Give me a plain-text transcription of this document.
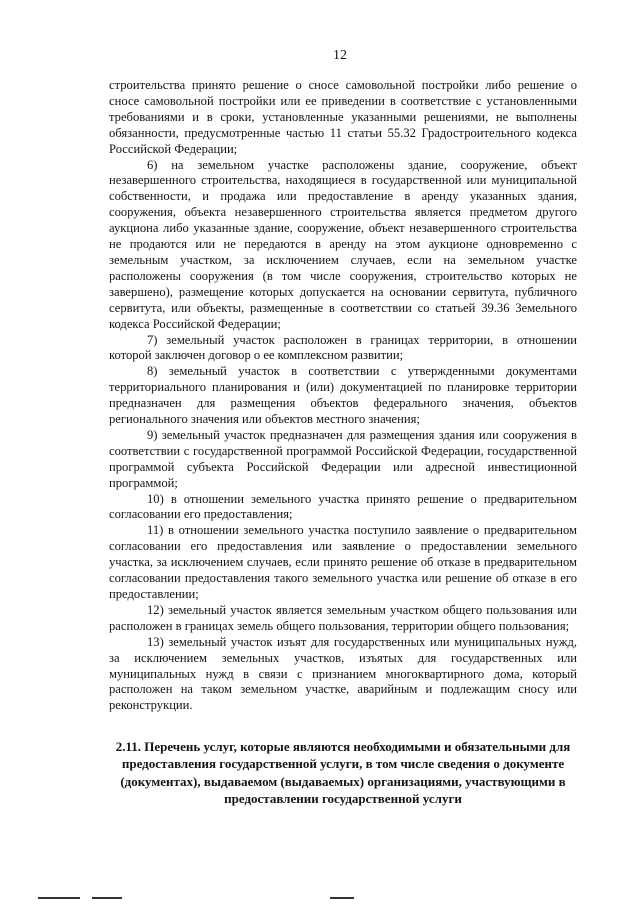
12

строительства принято решение о сносе самовольной постройки либо решение о сносе самовольной постройки или ее приведении в соответствие с установленными требованиями и в сроки, установленные указанными решениями, не выполнены обязанности, предусмотренные частью 11 статьи 55.32 Градостроительного кодекса Российской Федерации;

6) на земельном участке расположены здание, сооружение, объект незавершенного строительства, находящиеся в государственной или муниципальной собственности, и продажа или предоставление в аренду указанных здания, сооружения, объекта незавершенного строительства является предметом другого аукциона либо указанные здание, сооружение, объект незавершенного строительства не продаются или не передаются в аренду на этом аукционе одновременно с земельным участком, за исключением случаев, если на земельном участке расположены сооружения (в том числе сооружения, строительство которых не завершено), размещение которых допускается на основании сервитута, публичного сервитута, или объекты, размещенные в соответствии со статьей 39.36 Земельного кодекса Российской Федерации;

7) земельный участок расположен в границах территории, в отношении которой заключен договор о ее комплексном развитии;

8) земельный участок в соответствии с утвержденными документами территориального планирования и (или) документацией по планировке территории предназначен для размещения объектов федерального значения, объектов регионального значения или объектов местного значения;

9) земельный участок предназначен для размещения здания или сооружения в соответствии с государственной программой Российской Федерации, государственной программой субъекта Российской Федерации или адресной инвестиционной программой;

10) в отношении земельного участка принято решение о предварительном согласовании его предоставления;

11) в отношении земельного участка поступило заявление о предварительном согласовании его предоставления или заявление о предоставлении земельного участка, за исключением случаев, если принято решение об отказе в предварительном согласовании предоставления такого земельного участка или решение об отказе в его предоставлении;

12) земельный участок является земельным участком общего пользования или расположен в границах земель общего пользования, территории общего пользования;

13) земельный участок изъят для государственных или муниципальных нужд, за исключением земельных участков, изъятых для государственных или муниципальных нужд в связи с признанием многоквартирного дома, который расположен на таком земельном участке, аварийным и подлежащим сносу или реконструкции.

2.11. Перечень услуг, которые являются необходимыми и обязательными для предоставления государственной услуги, в том числе сведения о документе (документах), выдаваемом (выдаваемых) организациями, участвующими в предоставлении государственной услуги
